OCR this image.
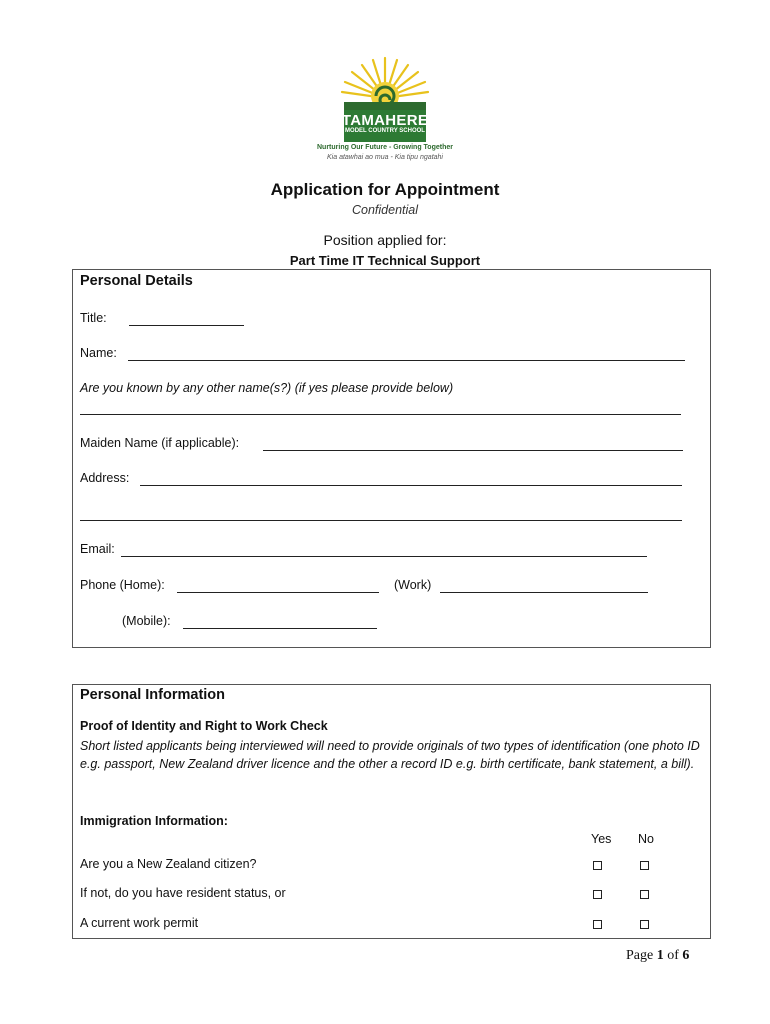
TAMAHERE
MODEL COUNTRY SCHOOL
Nurturing Our Future - Growing Together
Kia atawhai ao mua - Kia tipu ngatahi
Application for Appointment
Confidential
Position applied for:
Part Time IT Technical Support
Personal Details
Title:
Name:
Are you known by any other name(s?) (if yes please provide below)
Maiden Name (if applicable):
Address:
Email:
Phone (Home):	(Work)
(Mobile):
Personal Information
Proof of Identity and Right to Work Check
Short listed applicants being interviewed will need to provide originals of two types of identification (one photo ID e.g. passport, New Zealand driver licence and the other a record ID e.g. birth certificate, bank statement, a bill).
Immigration Information:
Yes No
Are you a New Zealand citizen?
If not, do you have resident status, or
A current work permit
Page 1 of 6
